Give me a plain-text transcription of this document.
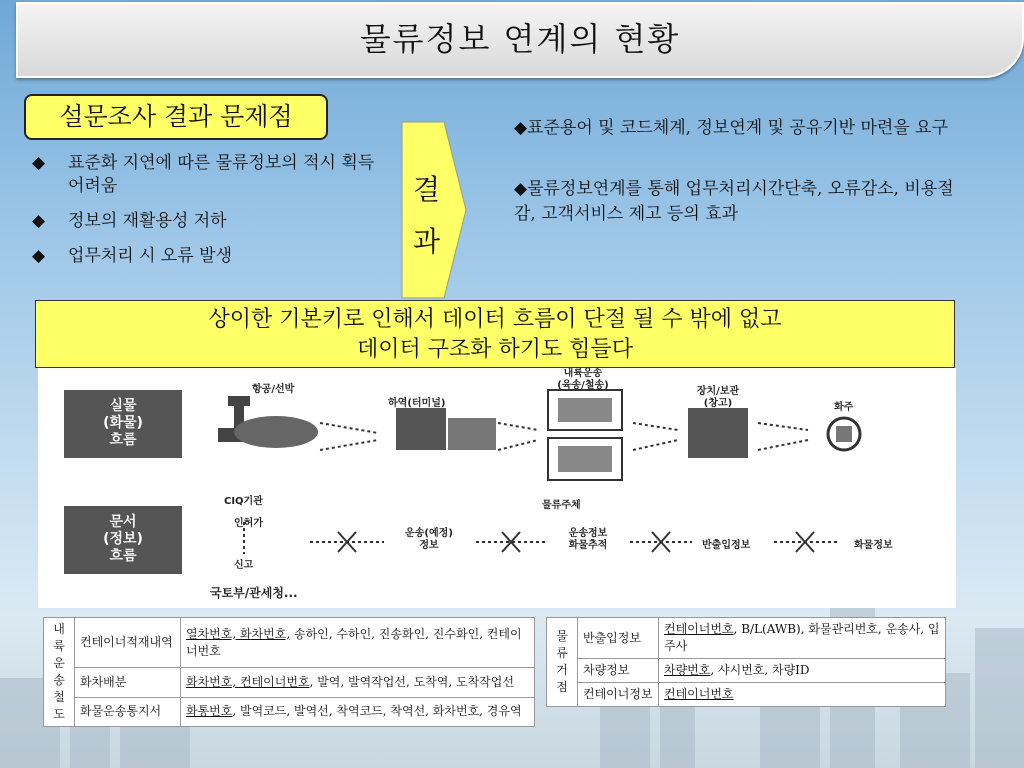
물류정보 연계의 현황
설문조사 결과 문제점
◆	표준화 지연에 따른 물류정보의 적시 획득 어려움
◆	정보의 재활용성 저하
◆	업무처리 시 오류 발생
결
과
◆표준용어 및 코드체계, 정보연계 및 공유기반 마련을 요구
◆물류정보연계를 통해 업무처리시간단축, 오류감소, 비용절감, 고객서비스 제고 등의 효과
상이한 기본키로 인해서 데이터 흐름이 단절 될 수 밖에 없고
데이터 구조화 하기도 힘들다
실물
(화물)
흐름
문서
(정보)
흐름
항공/선박
하역(터미널)
내륙운송
(육송/철송)
장치/보관
(창고)	화주
CIQ기관
인허가
신고
국토부/관세청...
물류주체
운송(예정)
정보
운송정보
화물추적	반출입정보	화물정보
내륙운송철도	컨테이너적재내역	열차번호, 화차번호, 송하인, 수하인, 진송화인, 진수화인, 컨테이너번호
	화차배분	화차번호, 컨테이너번호, 발역, 발역작업선, 도착역, 도착작업선
	화물운송통지서	화통번호, 발역코드, 발역선, 착역코드, 착역선, 화차번호, 경유역
물류거점	반출입정보	컨테이너번호, B/L(AWB), 화물관리번호, 운송사, 입주사
	차량정보	차량번호, 샤시번호, 차량ID
	컨테이너정보	컨테이너번호
